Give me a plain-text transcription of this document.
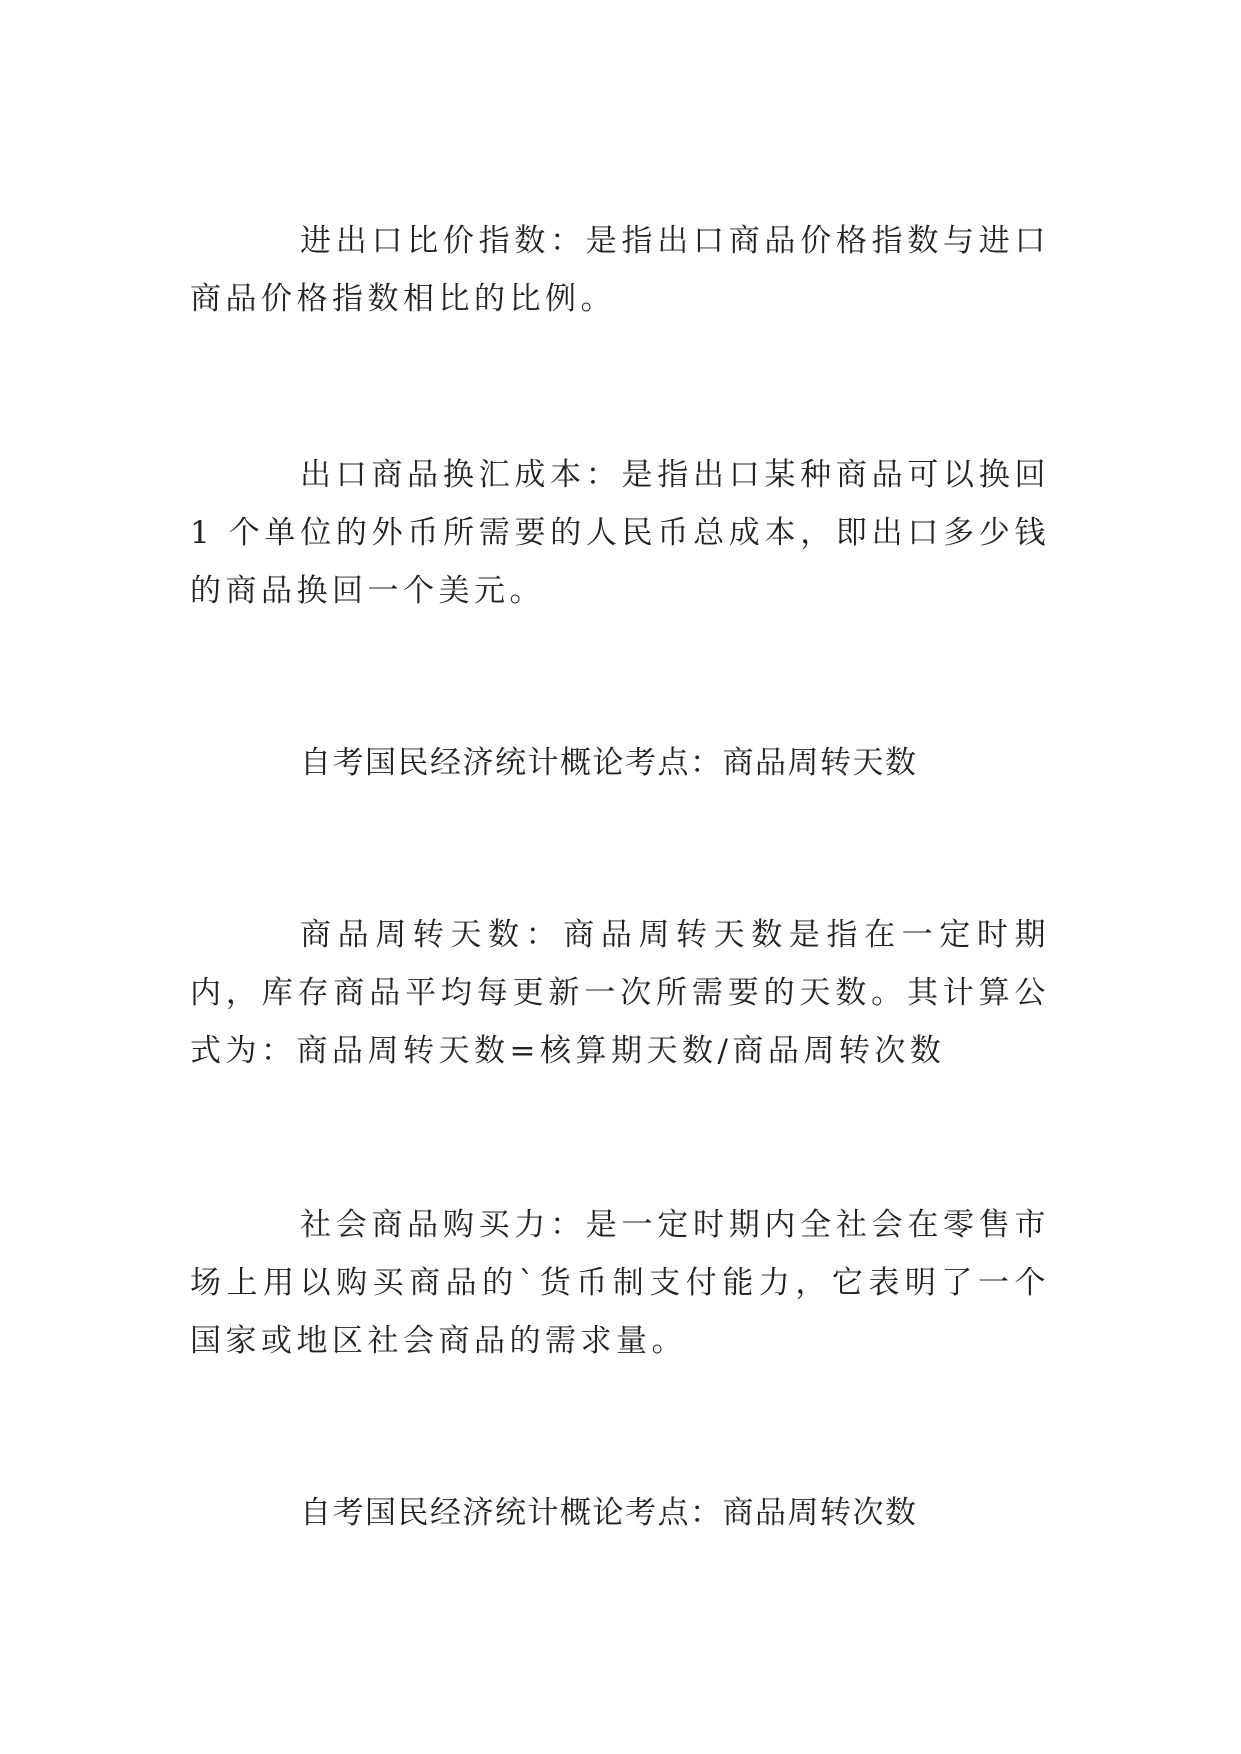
进出口比价指数：是指出口商品价格指数与进口商品价格指数相比的比例。

出口商品换汇成本：是指出口某种商品可以换回 1 个单位的外币所需要的人民币总成本，即出口多少钱的商品换回一个美元。

自考国民经济统计概论考点：商品周转天数

商品周转天数：商品周转天数是指在一定时期内，库存商品平均每更新一次所需要的天数。其计算公式为：商品周转天数=核算期天数/商品周转次数

社会商品购买力：是一定时期内全社会在零售市场上用以购买商品的`货币制支付能力，它表明了一个国家或地区社会商品的需求量。

自考国民经济统计概论考点：商品周转次数
